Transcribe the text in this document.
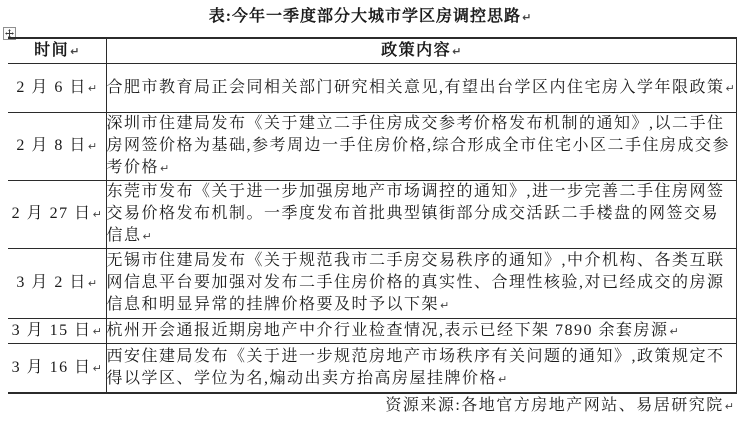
表:今年一季度部分大城市学区房调控思路↵
时间↵	政策内容↵
2 月 6 日↵	合肥市教育局正会同相关部门研究相关意见,有望出台学区内住宅房入学年限政策↵
2 月 8 日↵	深圳市住建局发布《关于建立二手住房成交参考价格发布机制的通知》,以二手住房网签价格为基础,参考周边一手住房价格,综合形成全市住宅小区二手住房成交参考价格↵
2 月 27 日↵	东莞市发布《关于进一步加强房地产市场调控的通知》,进一步完善二手住房网签交易价格发布机制。一季度发布首批典型镇街部分成交活跃二手楼盘的网签交易信息↵
3 月 2 日↵	无锡市住建局发布《关于规范我市二手房交易秩序的通知》,中介机构、各类互联网信息平台要加强对发布二手住房价格的真实性、合理性核验,对已经成交的房源信息和明显异常的挂牌价格要及时予以下架↵
3 月 15 日↵	杭州开会通报近期房地产中介行业检查情况,表示已经下架 7890 余套房源↵
3 月 16 日↵	西安住建局发布《关于进一步规范房地产市场秩序有关问题的通知》,政策规定不得以学区、学位为名,煽动出卖方抬高房屋挂牌价格↵
资源来源:各地官方房地产网站、易居研究院↵
